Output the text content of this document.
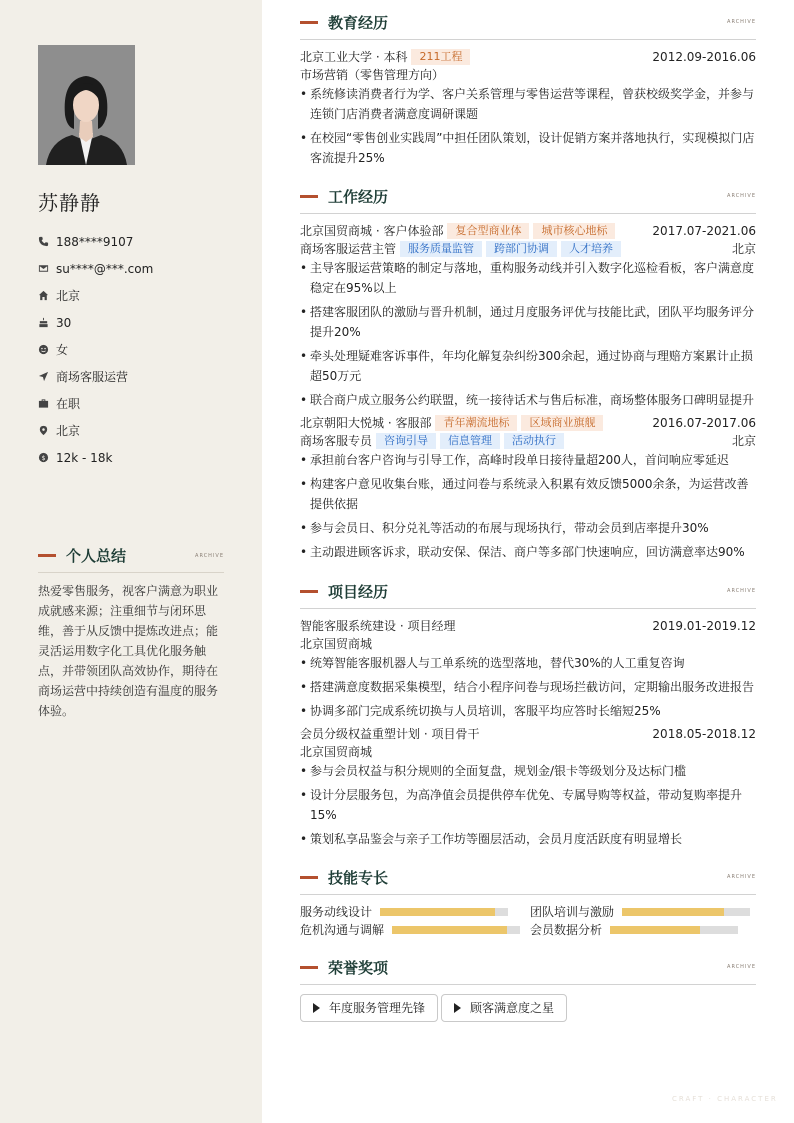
苏静静
188****9107
su****@***.com
北京
30
女
商场客服运营
在职
北京
$ 12k - 18k
个人总结	ARCHIVE
热爱零售服务，视客户满意为职业
成就感来源；注重细节与闭环思
维，善于从反馈中提炼改进点；能
灵活运用数字化工具优化服务触
点，并带领团队高效协作，期待在
商场运营中持续创造有温度的服务
体验。
教育经历	ARCHIVE
北京工业大学 · 本科 211工程	2012.09-2016.06
市场营销（零售管理方向）
• 系统修读消费者行为学、客户关系管理与零售运营等课程，曾获校级奖学金，并参与
连锁门店消费者满意度调研课题
• 在校园“零售创业实践周”中担任团队策划，设计促销方案并落地执行，实现模拟门店
客流提升25%
工作经历	ARCHIVE
北京国贸商城 · 客户体验部 复合型商业体 城市核心地标	2017.07-2021.06
商场客服运营主管 服务质量监管 跨部门协调 人才培养	北京
• 主导客服运营策略的制定与落地，重构服务动线并引入数字化巡检看板，客户满意度
稳定在95%以上
• 搭建客服团队的激励与晋升机制，通过月度服务评优与技能比武，团队平均服务评分
提升20%
• 牵头处理疑难客诉事件，年均化解复杂纠纷300余起，通过协商与理赔方案累计止损
超50万元
• 联合商户成立服务公约联盟，统一接待话术与售后标准，商场整体服务口碑明显提升
北京朝阳大悦城 · 客服部 青年潮流地标 区域商业旗舰	2016.07-2017.06
商场客服专员 咨询引导 信息管理 活动执行	北京
• 承担前台客户咨询与引导工作，高峰时段单日接待量超200人，首问响应零延迟
• 构建客户意见收集台账，通过问卷与系统录入积累有效反馈5000余条，为运营改善
提供依据
• 参与会员日、积分兑礼等活动的布展与现场执行，带动会员到店率提升30%
• 主动跟进顾客诉求，联动安保、保洁、商户等多部门快速响应，回访满意率达90%
项目经历	ARCHIVE
智能客服系统建设 · 项目经理	2019.01-2019.12
北京国贸商城
• 统筹智能客服机器人与工单系统的选型落地，替代30%的人工重复咨询
• 搭建满意度数据采集模型，结合小程序问卷与现场拦截访问，定期输出服务改进报告
• 协调多部门完成系统切换与人员培训，客服平均应答时长缩短25%
会员分级权益重塑计划 · 项目骨干	2018.05-2018.12
北京国贸商城
• 参与会员权益与积分规则的全面复盘，规划金/银卡等级划分及达标门槛
• 设计分层服务包，为高净值会员提供停车优免、专属导购等权益，带动复购率提升
15%
• 策划私享品鉴会与亲子工作坊等圈层活动，会员月度活跃度有明显增长
技能专长	ARCHIVE
服务动线设计	团队培训与激励
危机沟通与调解	会员数据分析
荣誉奖项	ARCHIVE
年度服务管理先锋	顾客满意度之星
CRAFT · CHARACTER
